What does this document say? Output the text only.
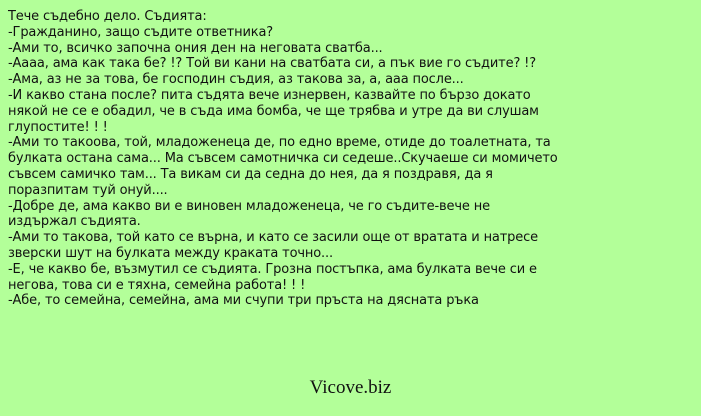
Тече съдебно дело. Съдията:
-Гражданино, защо съдите ответника?
-Ами то, всичко започна ония ден на неговата сватба...
-Аааа, ама как така бе? !? Той ви кани на сватбата си, а пък вие го съдите? !?
-Ама, аз не за това, бе господин съдия, аз такова за, а, ааа после...
-И какво стана после? пита съдята вече изнервен, казвайте по бързо докато
някой не се е обадил, че в съда има бомба, че ще трябва и утре да ви слушам
глупостите! ! !
-Ами то такоова, той, младоженеца де, по едно време, отиде до тоалетната, та
булката остана сама... Ма съвсем самотничка си седеше..Скучаеше си момичето
съвсем самичко там... Та викам си да седна до нея, да я поздравя, да я
поразпитам туй онуй....
-Добре де, ама какво ви е виновен младоженеца, че го съдите-вече не
издържал съдията.
-Ами то такова, той като се върна, и като се засили още от вратата и натресе
зверски шут на булката между краката точно...
-Е, че какво бе, възмутил се съдията. Грозна постъпка, ама булката вече си е
негова, това си е тяхна, семейна работа! ! !
-Абе, то семейна, семейна, ама ми счупи три пръста на дясната ръка
Vicove.biz
